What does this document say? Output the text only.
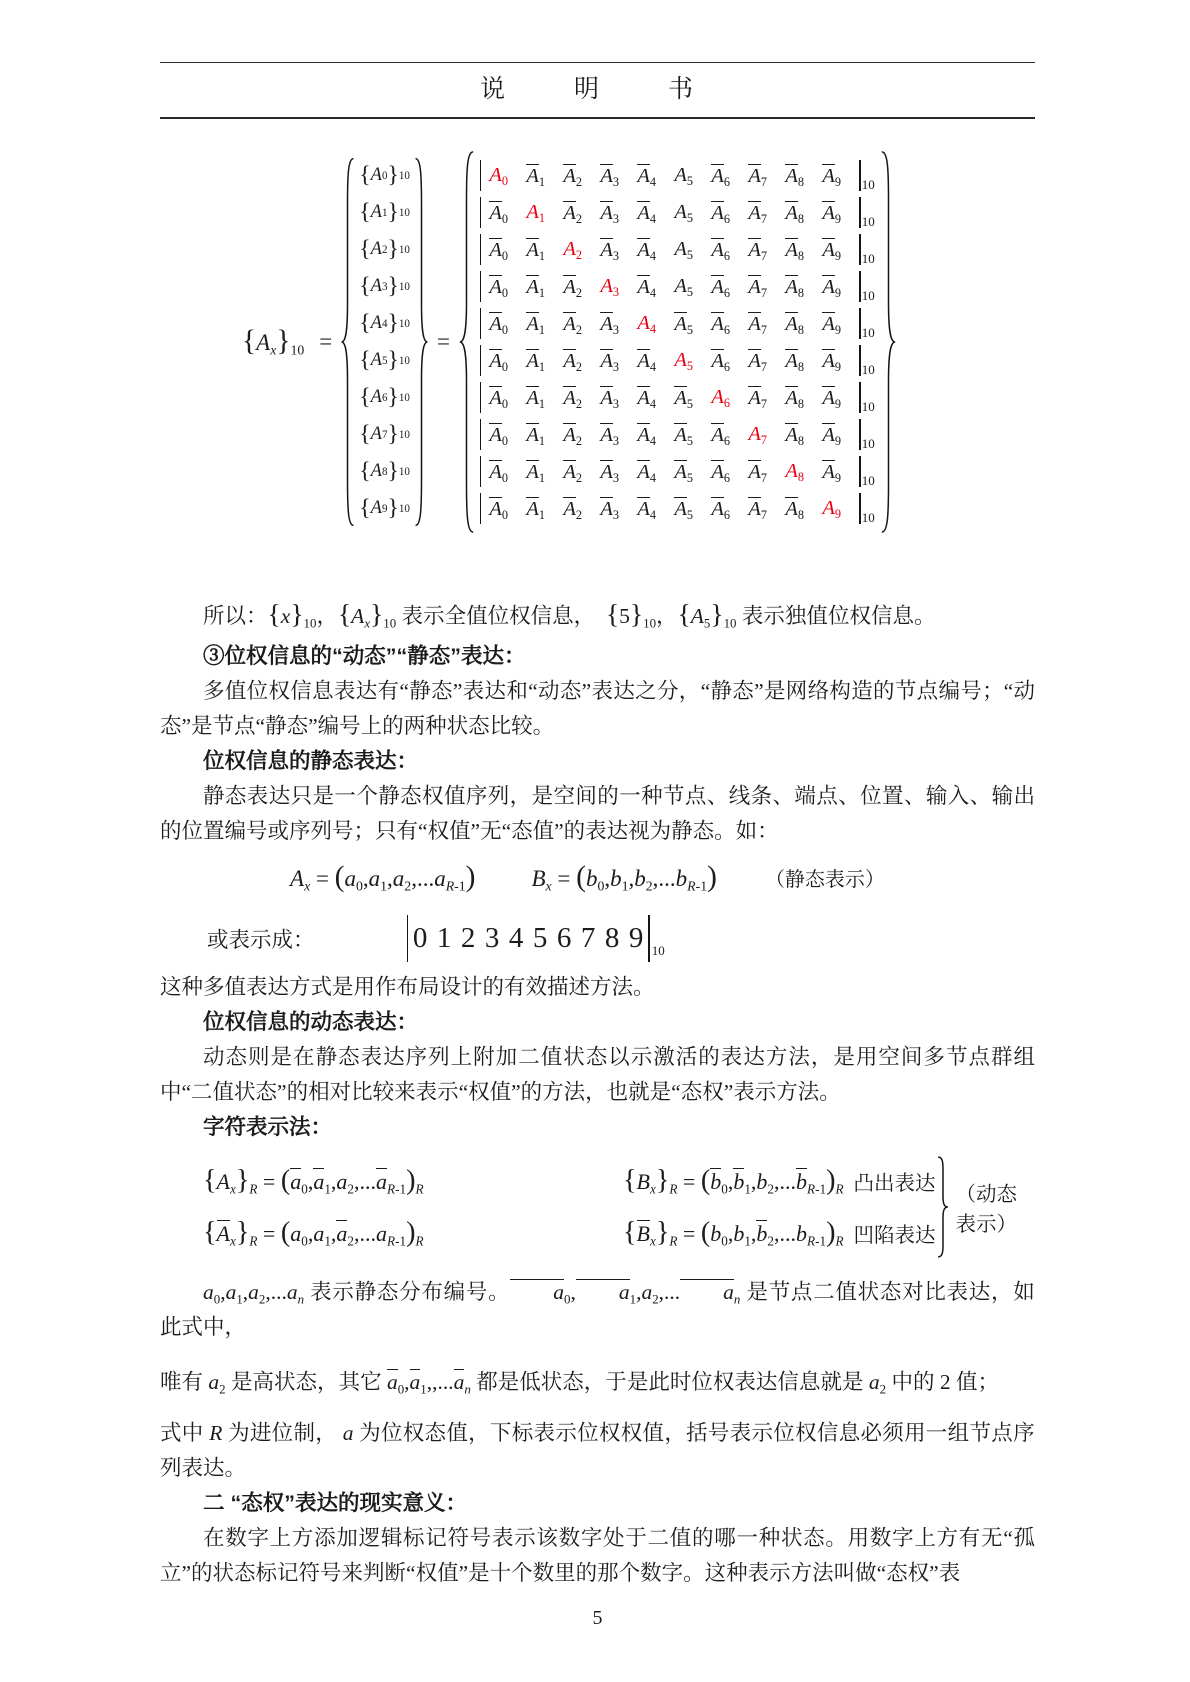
说　明　书
$\{A_x\}_{10}$ =
{ A 0 } 10
{ A 1 } 10
{ A 2 } 10
{ A 3 } 10
{ A 4 } 10
{ A 5 } 10
{ A 6 } 10
{ A 7 } 10
{ A 8 } 10
{ A 9 } 10
=
$A_0$ $A_1$ $A_2$ $A_3$ $A_4$ $A_5$ $A_6$ $A_7$ $A_8$ $A_9$	10
$A_0$ $A_1$ $A_2$ $A_3$ $A_4$ $A_5$ $A_6$ $A_7$ $A_8$ $A_9$	10
$A_0$ $A_1$ $A_2$ $A_3$ $A_4$ $A_5$ $A_6$ $A_7$ $A_8$ $A_9$	10
$A_0$ $A_1$ $A_2$ $A_3$ $A_4$ $A_5$ $A_6$ $A_7$ $A_8$ $A_9$	10
$A_0$ $A_1$ $A_2$ $A_3$ $A_4$ $A_5$ $A_6$ $A_7$ $A_8$ $A_9$	10
$A_0$ $A_1$ $A_2$ $A_3$ $A_4$ $A_5$ $A_6$ $A_7$ $A_8$ $A_9$	10
$A_0$ $A_1$ $A_2$ $A_3$ $A_4$ $A_5$ $A_6$ $A_7$ $A_8$ $A_9$	10
$A_0$ $A_1$ $A_2$ $A_3$ $A_4$ $A_5$ $A_6$ $A_7$ $A_8$ $A_9$	10
$A_0$ $A_1$ $A_2$ $A_3$ $A_4$ $A_5$ $A_6$ $A_7$ $A_8$ $A_9$	10
$A_0$ $A_1$ $A_2$ $A_3$ $A_4$ $A_5$ $A_6$ $A_7$ $A_8$ $A_9$	10
所以：$\{x\}_{10}$，$\{A_x\}_{10}$ 表示全值位权信息，　 $\{5\}_{10}$，$\{A_5\}_{10}$ 表示独值位权信息。
③位权信息的“动态”“静态”表达：
多值位权信息表达有“静态”表达和“动态”表达之分，“静态”是网络构造的节点编号；“动态”是节点“静态”编号上的两种状态比较。
位权信息的静态表达：
静态表达只是一个静态权值序列，是空间的一种节点、线条、端点、位置、输入、输出的位置编号或序列号；只有“权值”无“态值”的表达视为静态。如：
$A_x = (a_0,a_1,a_2,...a_{R-1}) B_x = (b_0,b_1,b_2,...b_{R-1})$ （静态表示）
或表示成：	0 1 2 3 4 5 6 7 8 9 10
这种多值表达方式是用作布局设计的有效描述方法。
位权信息的动态表达：
动态则是在静态表达序列上附加二值状态以示激活的表达方法，是用空间多节点群组中“二值状态”的相对比较来表示“权值”的方法，也就是“态权”表示方法。
字符表示法：
$\{A_x\}_R = (a_0,a_1,a_2,...a_{R-1})_R$	$\{B_x\}_R = (b_0,b_1,b_2,...b_{R-1})_R$ 凸出表达
$\{A_x\}_R = (a_0,a_1,a_2,...a_{R-1})_R$	$\{B_x\}_R = (b_0,b_1,b_2,...b_{R-1})_R$ 凹陷表达
（动态表示）
$a_0,a_1,a_2,...a_n$ 表示静态分布编号。 $a_0$, $a_1,a_2$,... $a_n$ 是节点二值状态对比表达，如此式中，
唯有 $a_2$ 是高状态，其它 $a_0,a_1,,...a_n$ 都是低状态，于是此时位权表达信息就是 $a_2$ 中的 2 值；
式中 R 为进位制， a 为位权态值，下标表示位权权值，括号表示位权信息必须用一组节点序列表达。
二 “态权”表达的现实意义：
在数字上方添加逻辑标记符号表示该数字处于二值的哪一种状态。用数字上方有无“孤立”的状态标记符号来判断“权值”是十个数里的那个数字。这种表示方法叫做“态权”表
5
